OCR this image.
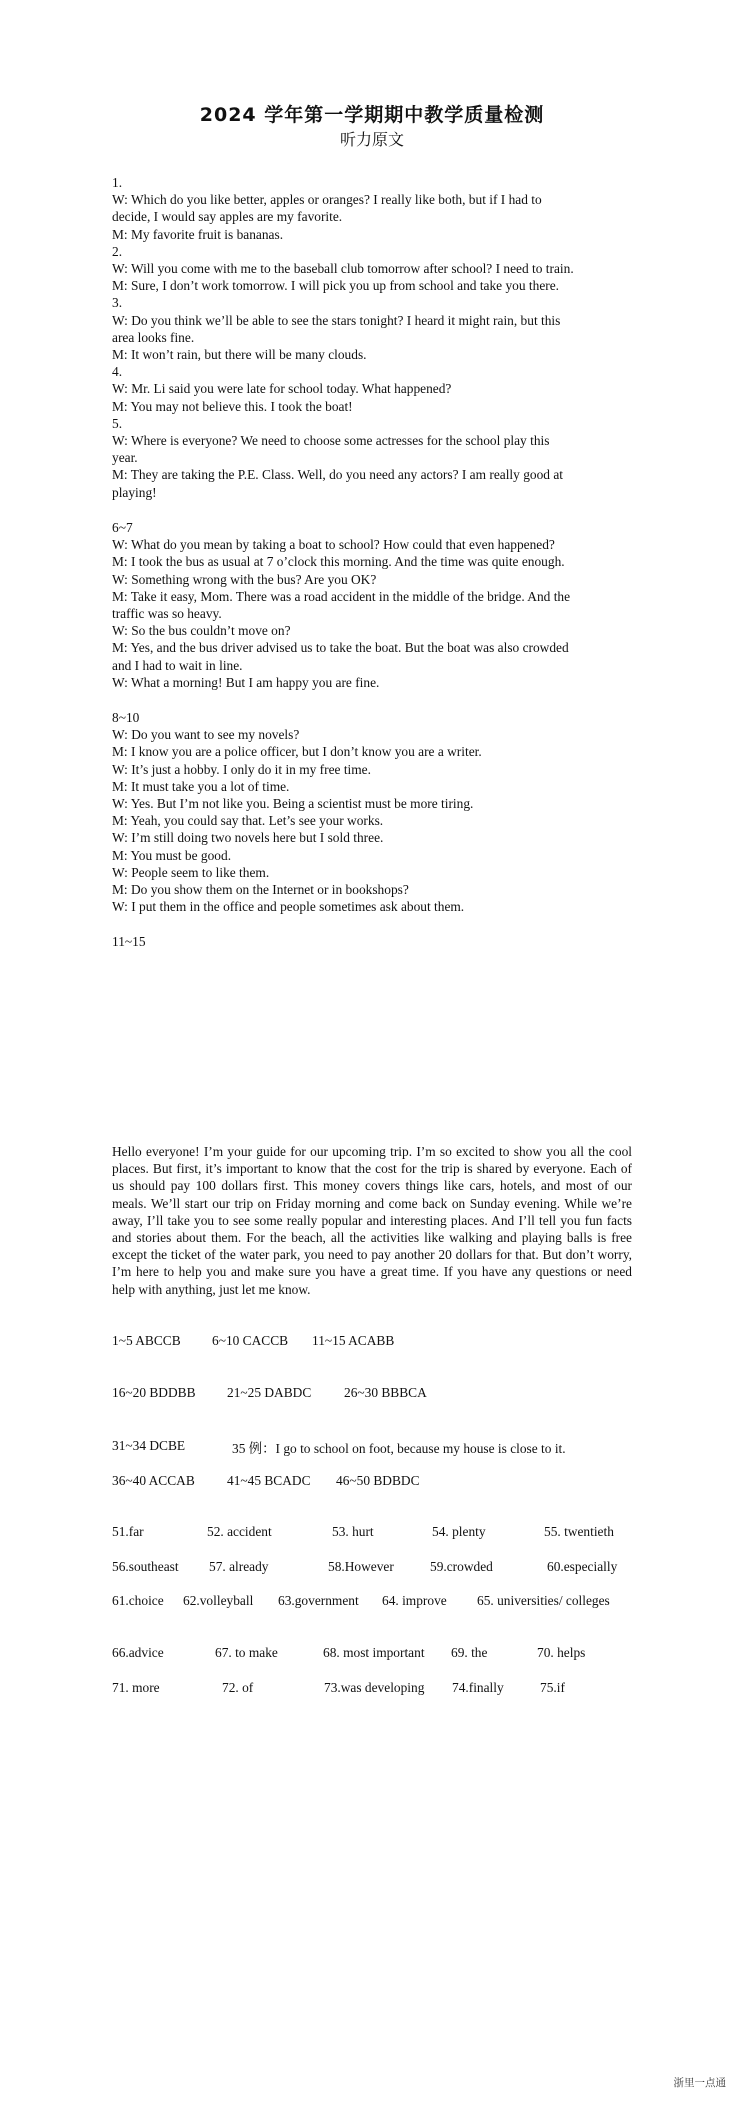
2024 学年第一学期期中教学质量检测
听力原文

1.

W: Which do you like better, apples or oranges? I really like both, but if I had to

decide, I would say apples are my favorite.

M: My favorite fruit is bananas.

2.

W: Will you come with me to the baseball club tomorrow after school? I need to train.

M: Sure, I don’t work tomorrow. I will pick you up from school and take you there.

3.

W: Do you think we’ll be able to see the stars tonight? I heard it might rain, but this

area looks fine.

M: It won’t rain, but there will be many clouds.

4.

W: Mr. Li said you were late for school today. What happened?

M: You may not believe this. I took the boat!

5.

W: Where is everyone? We need to choose some actresses for the school play this

year.

M: They are taking the P.E. Class. Well, do you need any actors? I am really good at

playing!

6~7

W: What do you mean by taking a boat to school? How could that even happened?

M: I took the bus as usual at 7 o’clock this morning. And the time was quite enough.

W: Something wrong with the bus? Are you OK?

M: Take it easy, Mom. There was a road accident in the middle of the bridge. And the

traffic was so heavy.

W: So the bus couldn’t move on?

M: Yes, and the bus driver advised us to take the boat. But the boat was also crowded

and I had to wait in line.

W: What a morning! But I am happy you are fine.

8~10

W: Do you want to see my novels?

M: I know you are a police officer, but I don’t know you are a writer.

W: It’s just a hobby. I only do it in my free time.

M: It must take you a lot of time.

W: Yes. But I’m not like you. Being a scientist must be more tiring.

M: Yeah, you could say that. Let’s see your works.

W: I’m still doing two novels here but I sold three.

M: You must be good.

W: People seem to like them.

M: Do you show them on the Internet or in bookshops?

W: I put them in the office and people sometimes ask about them.

11~15

Hello everyone! I’m your guide for our upcoming trip. I’m so excited to show you all the cool places. But first, it’s important to know that the cost for the trip is shared by everyone. Each of us should pay 100 dollars first. This money covers things like cars, hotels, and most of our meals. We’ll start our trip on Friday morning and come back on Sunday evening. While we’re away, I’ll take you to see some really popular and interesting places. And I’ll tell you fun facts and stories about them. For the beach, all the activities like walking and playing balls is free except the ticket of the water park, you need to pay another 20 dollars for that. But don’t worry, I’m here to help you and make sure you have a great time. If you have any questions or need help with anything, just let me know.
1~5 ABCCB 6~10 CACCB 11~15 ACABB
16~20 BDDBB 21~25 DABDC 26~30 BBBCA
31~34 DCBE	35 例：I go to school on foot, because my house is close to it.
36~40 ACCAB 41~45 BCADC 46~50 BDBDC
51.far	52. accident	53. hurt	54. plenty	55. twentieth
56.southeast 57. already	58.However	59.crowded	60.especially
61.choice 62.volleyball 63.government 64. improve 65. universities/ colleges
66.advice	67. to make	68. most important 69. the	70. helps
71. more	72. of	73.was developing 74.finally	75.if
浙里一点通
